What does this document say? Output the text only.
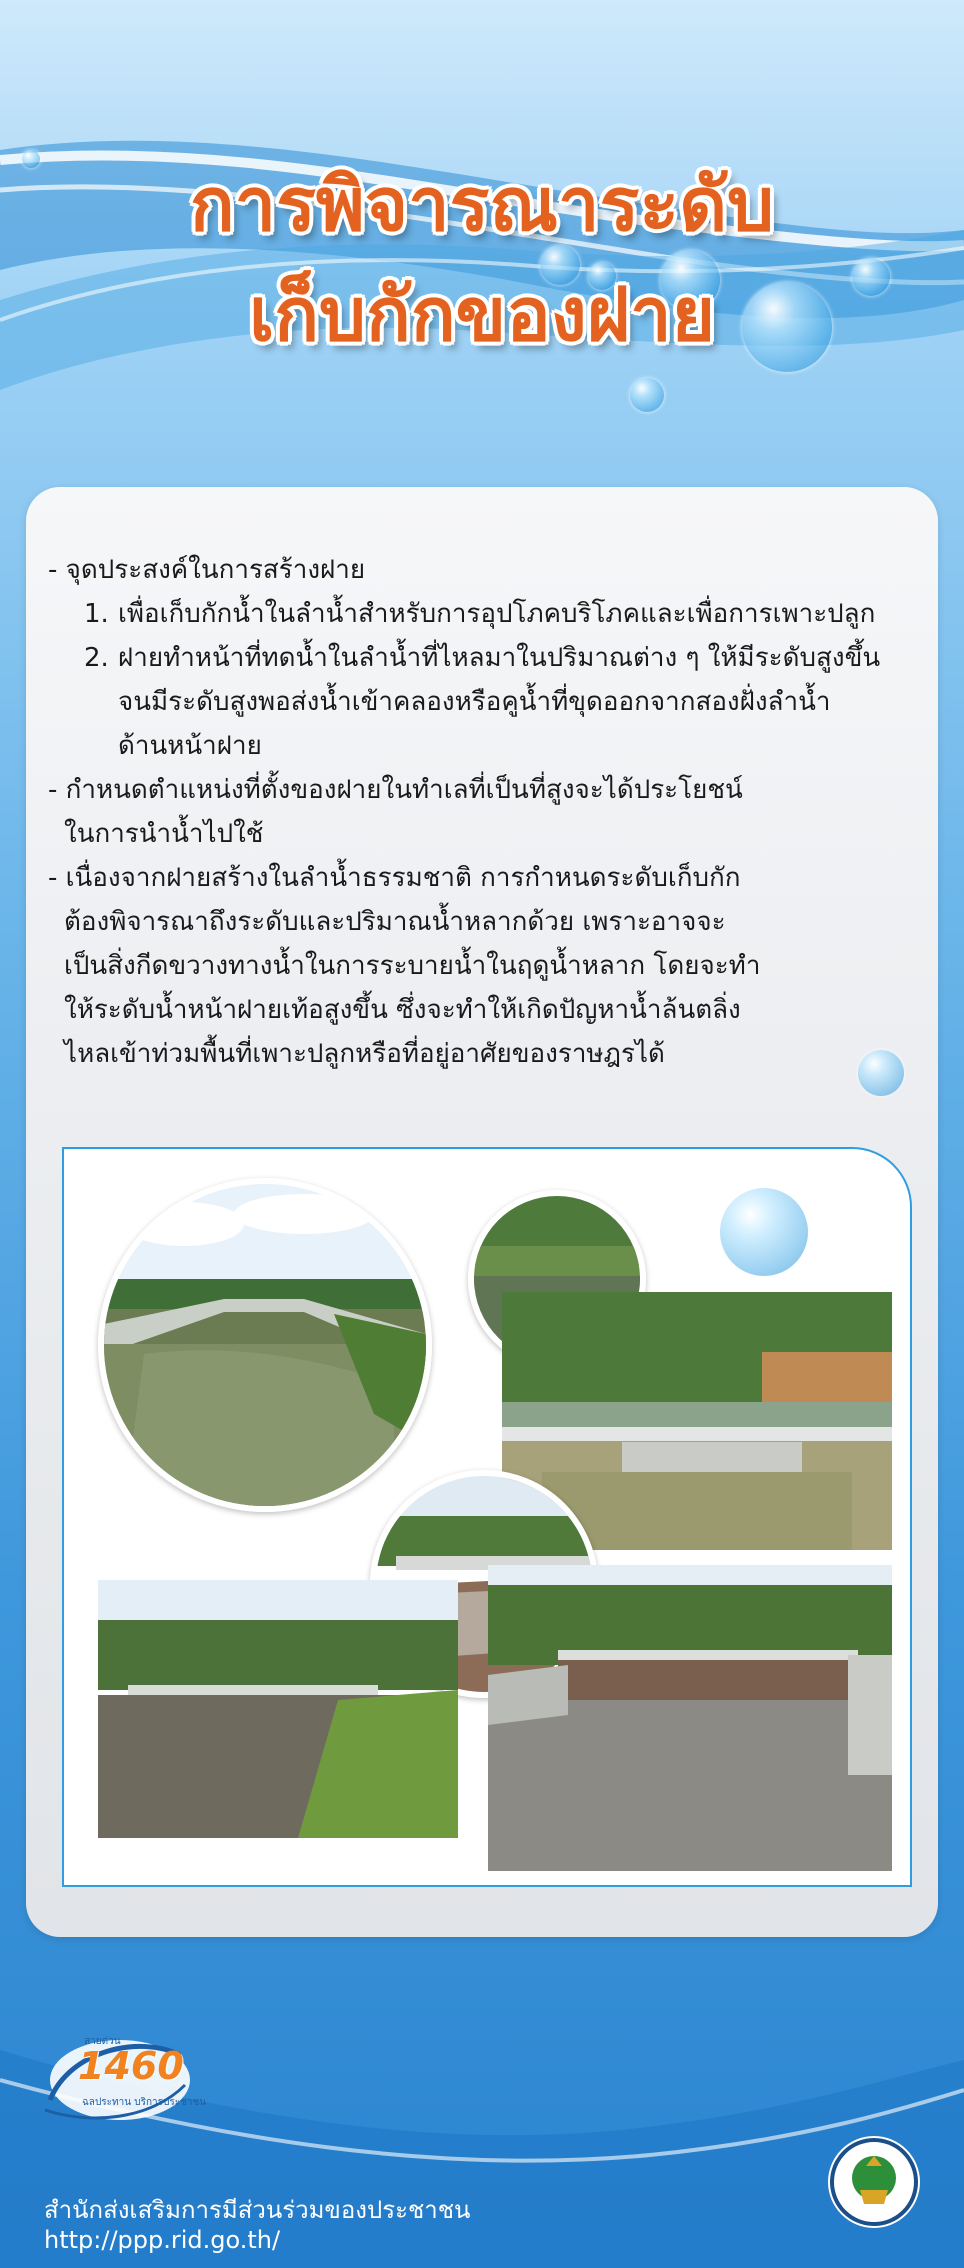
การพิจารณาระดับ
เก็บกักของฝาย
- จุดประสงค์ในการสร้างฝาย
1. เพื่อเก็บกักน้ำในลำน้ำสำหรับการอุปโภคบริโภคและเพื่อการเพาะปลูก
2. ฝายทำหน้าที่ทดน้ำในลำน้ำที่ไหลมาในปริมาณต่าง ๆ ให้มีระดับสูงขึ้น
จนมีระดับสูงพอส่งน้ำเข้าคลองหรือคูน้ำที่ขุดออกจากสองฝั่งลำน้ำ
ด้านหน้าฝาย
- กำหนดตำแหน่งที่ตั้งของฝายในทำเลที่เป็นที่สูงจะได้ประโยชน์
ในการนำน้ำไปใช้
- เนื่องจากฝายสร้างในลำน้ำธรรมชาติ การกำหนดระดับเก็บกัก
ต้องพิจารณาถึงระดับและปริมาณน้ำหลากด้วย เพราะอาจจะ
เป็นสิ่งกีดขวางทางน้ำในการระบายน้ำในฤดูน้ำหลาก โดยจะทำ
ให้ระดับน้ำหน้าฝายเท้อสูงขึ้น ซึ่งจะทำให้เกิดปัญหาน้ำล้นตลิ่ง
ไหลเข้าท่วมพื้นที่เพาะปลูกหรือที่อยู่อาศัยของราษฎรได้
สายด่วน
1460
ฉลประทาน บริการประชาชน
สำนักส่งเสริมการมีส่วนร่วมของประชาชน
http://ppp.rid.go.th/
